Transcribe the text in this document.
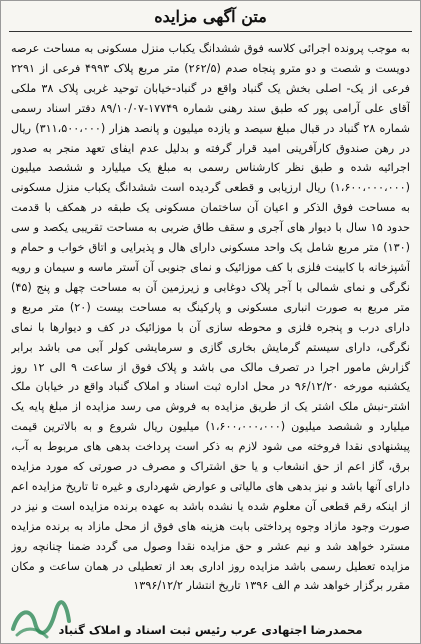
متن آگهی مزایده
به موجب پرونده اجرائی کلاسه فوق ششدانگ یکباب منزل مسکونی به مساحت عرصه دویست و شصت و دو مترو پنجاه صدم (۲۶۲/۵) متر مربع پلاک ۴۹۹۳ فرعی از ۲۲۹۱ فرعی از یک- اصلی بخش یک گنباد واقع در گنباد-خیابان توحید غربی پلاک ۳۸ ملکی آقای علی آرامی پور که طبق سند رهنی شماره ۱۷۷۴۹-۸۹/۱۰/۰۷ دفتر اسناد رسمی شماره ۲۸ گنباد در قبال مبلغ سیصد و یازده میلیون و پانصد هزار (۳۱۱،۵۰۰،۰۰۰) ریال در رهن صندوق کارآفرینی امید قرار گرفته و بدلیل عدم ایفای تعهد منجر به صدور اجرائیه شده و طبق نظر کارشناس رسمی به مبلغ یک میلیارد و ششصد میلیون (۱،۶۰۰،۰۰۰،۰۰۰) ریال ارزیابی و قطعی گردیده است ششدانگ یکباب منزل مسکونی به مساحت فوق الذکر و اعیان آن ساختمان مسکونی یک طبقه در همکف با قدمت حدود ۱۵ سال با دیوار های آجری و سقف طاق ضربی به مساحت تقریبی یکصد و سی (۱۳۰) متر مربع شامل یک واحد مسکونی دارای هال و پذیرایی و اتاق خواب و حمام و آشپزخانه با کابینت فلزی با کف موزائیک و نمای جنوبی آن آستر ماسه و سیمان و رویه نگرگی و نمای شمالی با آجر پلاک دوغابی و زیرزمین آن به مساحت چهل و پنج (۴۵) متر مربع به صورت انباری مسکونی و پارکینگ به مساحت بیست (۲۰) متر مربع و دارای درب و پنجره فلزی و محوطه سازی آن با موزائیک در کف و دیوارها با نمای نگرگی، دارای سیستم گرمایش بخاری گازی و سرمایشی کولر آبی می باشد برابر گزارش مامور اجرا در تصرف مالک می باشد و پلاک فوق از ساعت ۹ الی ۱۲ روز یکشنبه مورخه ۹۶/۱۲/۲۰ در محل اداره ثبت اسناد و املاک گنباد واقع در خیابان ملک اشتر-نبش ملک اشتر یک از طریق مزایده به فروش می رسد مزایده از مبلغ پایه یک میلیارد و ششصد میلیون (۱،۶۰۰،۰۰۰،۰۰۰) میلیون ریال شروع و به بالاترین قیمت پیشنهادی نقدا فروخته می شود لازم به ذکر است پرداخت بدهی های مربوط به آب، برق، گاز اعم از حق انشعاب و یا حق اشتراک و مصرف در صورتی که مورد مزایده دارای آنها باشد و نیز بدهی های مالیاتی و عوارض شهرداری و غیره تا تاریخ مزایده اعم از اینکه رقم قطعی آن معلوم شده یا نشده باشد به عهده برنده مزایده است و نیز در صورت وجود مازاد وجوه پرداختی بابت هزینه های فوق از محل مازاد به برنده مزایده مسترد خواهد شد و نیم عشر و حق مزایده نقدا وصول می گردد ضمنا چنانچه روز مزایده تعطیل رسمی باشد مزایده روز اداری بعد از تعطیلی در همان ساعت و مکان مقرر برگزار خواهد شد م الف ۱۳۹۶ تاریخ انتشار ۱۳۹۶/۱۲/۲
محمدرضا اجتهادی عرب رئیس ثبت اسناد و املاک گنباد
